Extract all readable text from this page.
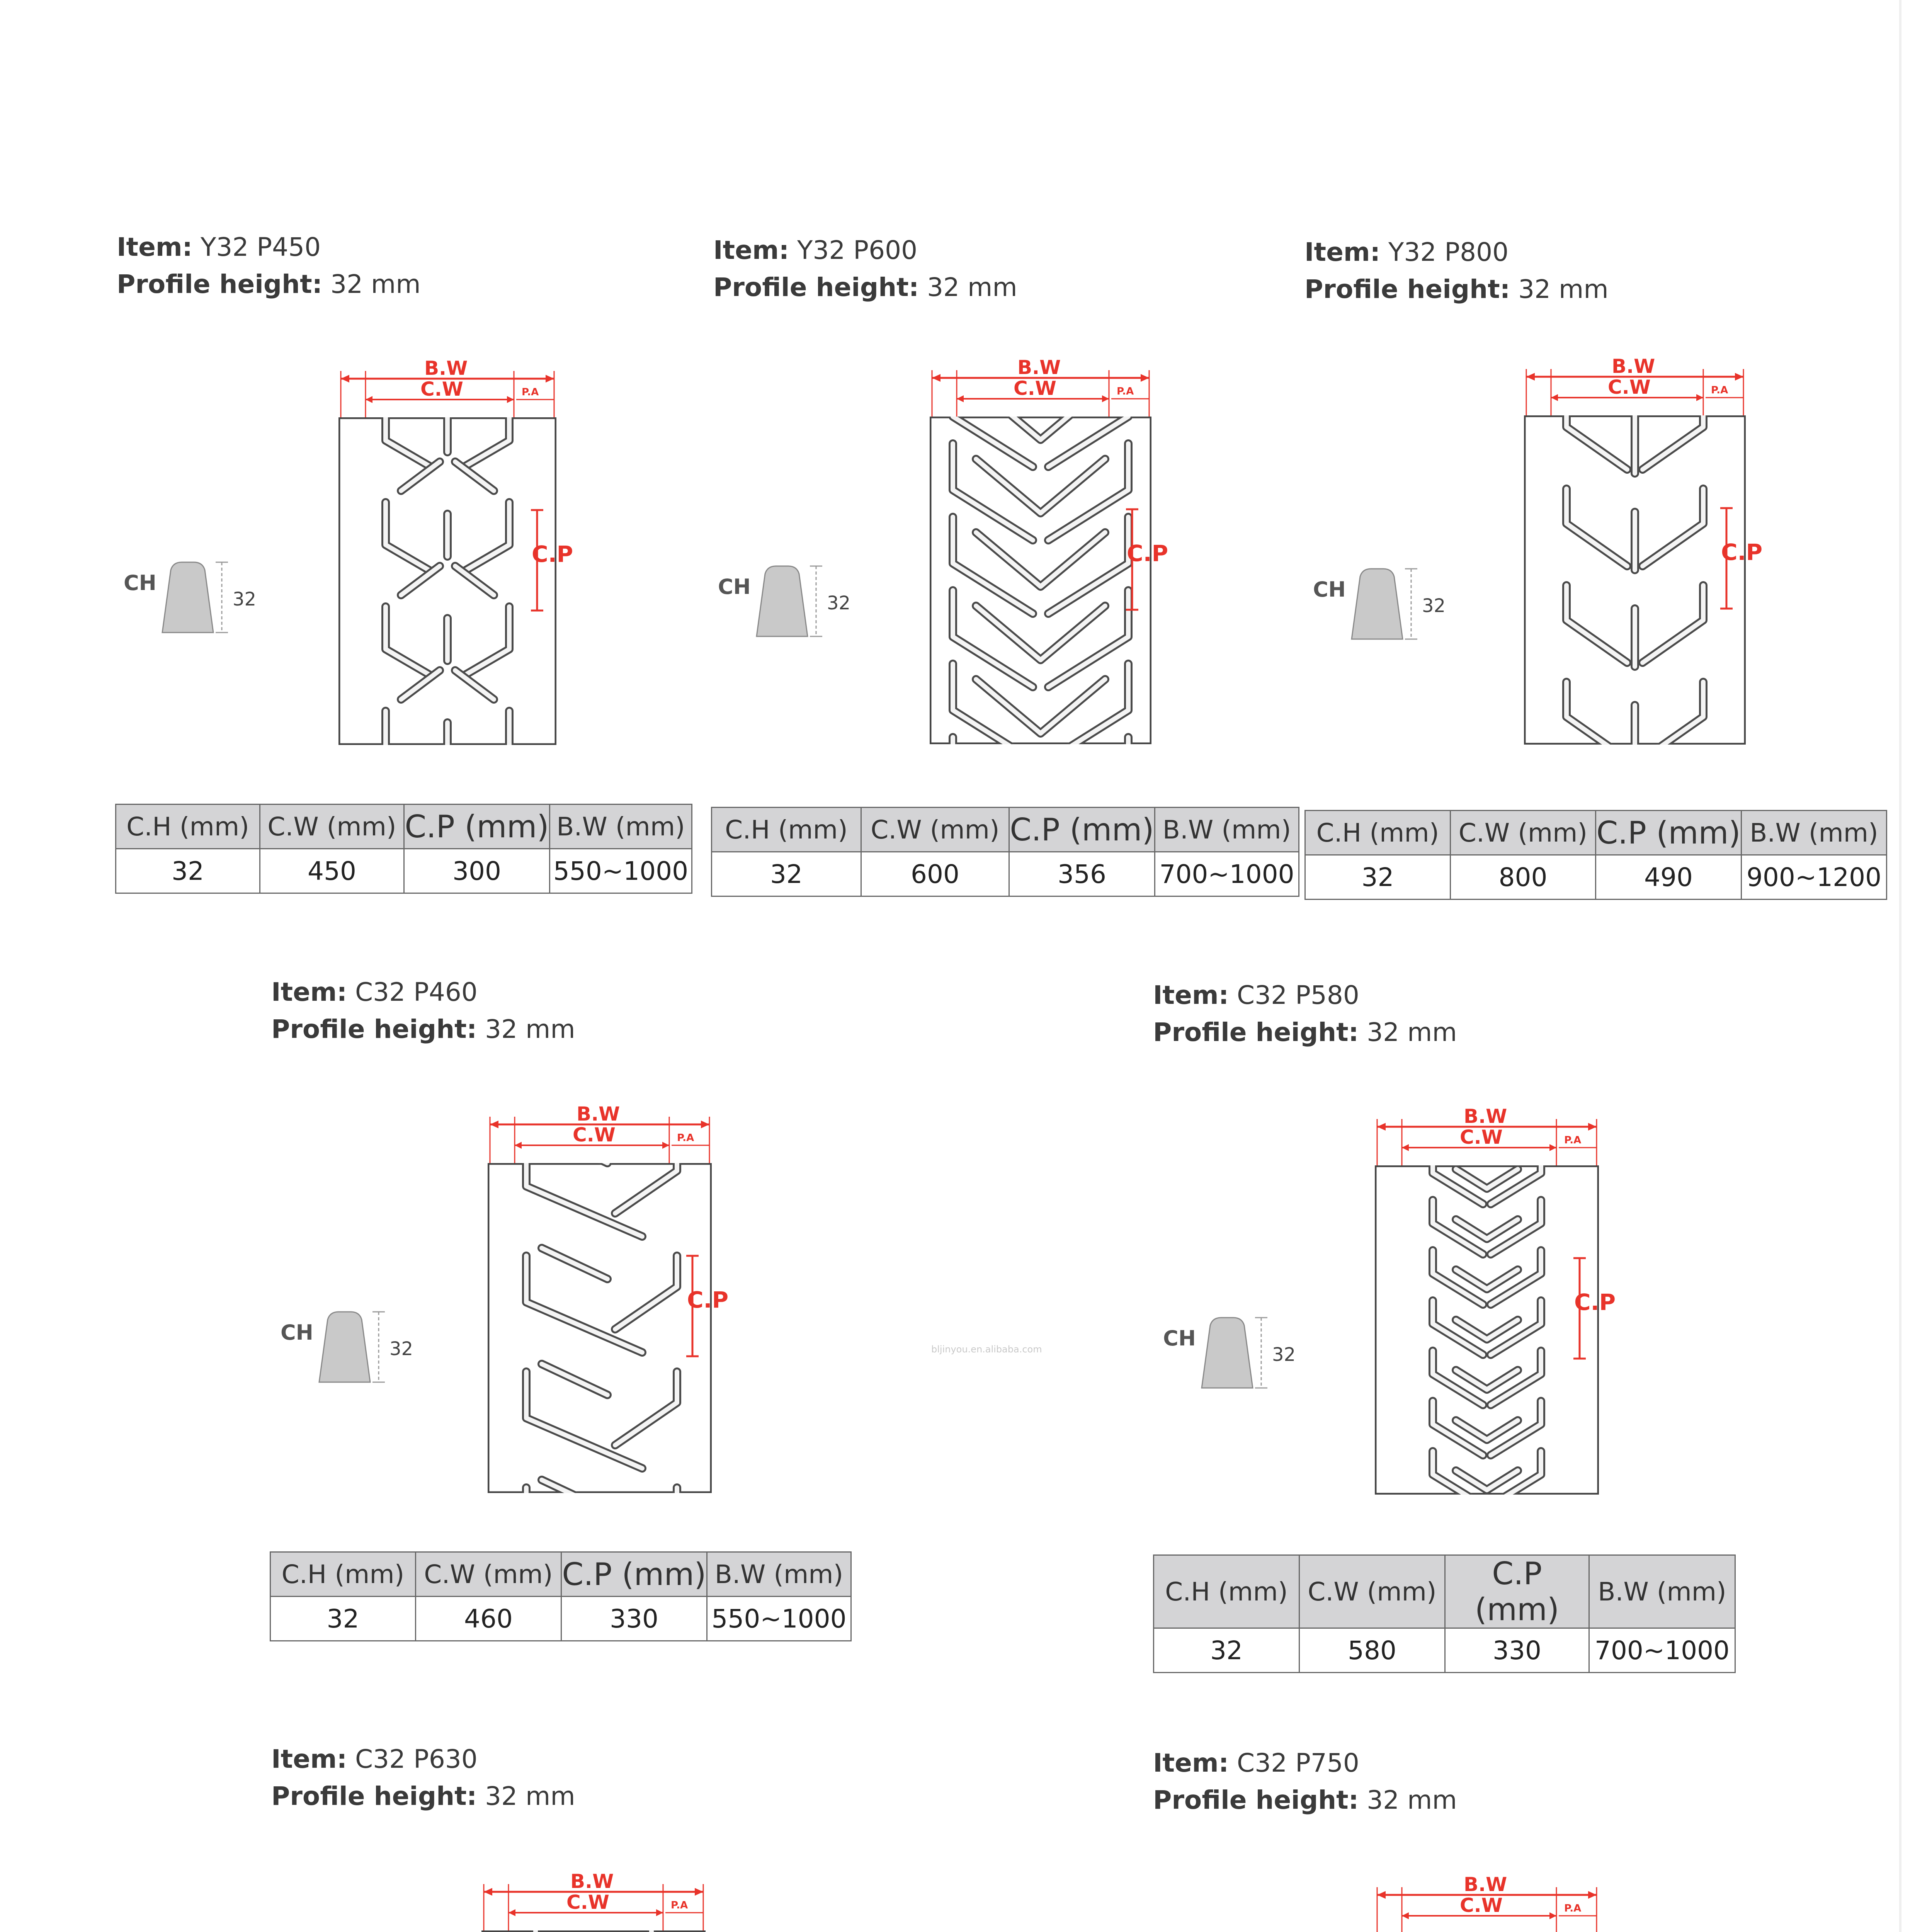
Item: Y32 P450
Profile height: 32 mm
CH
32
B.W
C.W	P.A
C.P
C.H (mm)	C.W (mm)	C.P (mm)	B.W (mm)
32	450	300	550~1000
Item: Y32 P600
Profile height: 32 mm
CH
32
B.W
C.W	P.A
C.P
C.H (mm)	C.W (mm)	C.P (mm)	B.W (mm)
32	600	356	700~1000
Item: Y32 P800
Profile height: 32 mm
CH
32
B.W
C.W	P.A
C.P
C.H (mm)	C.W (mm)	C.P (mm)	B.W (mm)
32	800	490	900~1200
Item: C32 P460
Profile height: 32 mm
CH
32
B.W
C.W	P.A
C.P
C.H (mm)	C.W (mm)	C.P (mm)	B.W (mm)
32	460	330	550~1000
Item: C32 P580
Profile height: 32 mm
CH
32
B.W
C.W	P.A
C.P
C.H (mm)	C.W (mm)	C.P (mm)	B.W (mm)
32	580	330	700~1000
Item: C32 P630
Profile height: 32 mm
B.W
C.W	P.A

Item: C32 P750
Profile height: 32 mm
B.W
C.W	P.A

bljinyou.en.alibaba.com
